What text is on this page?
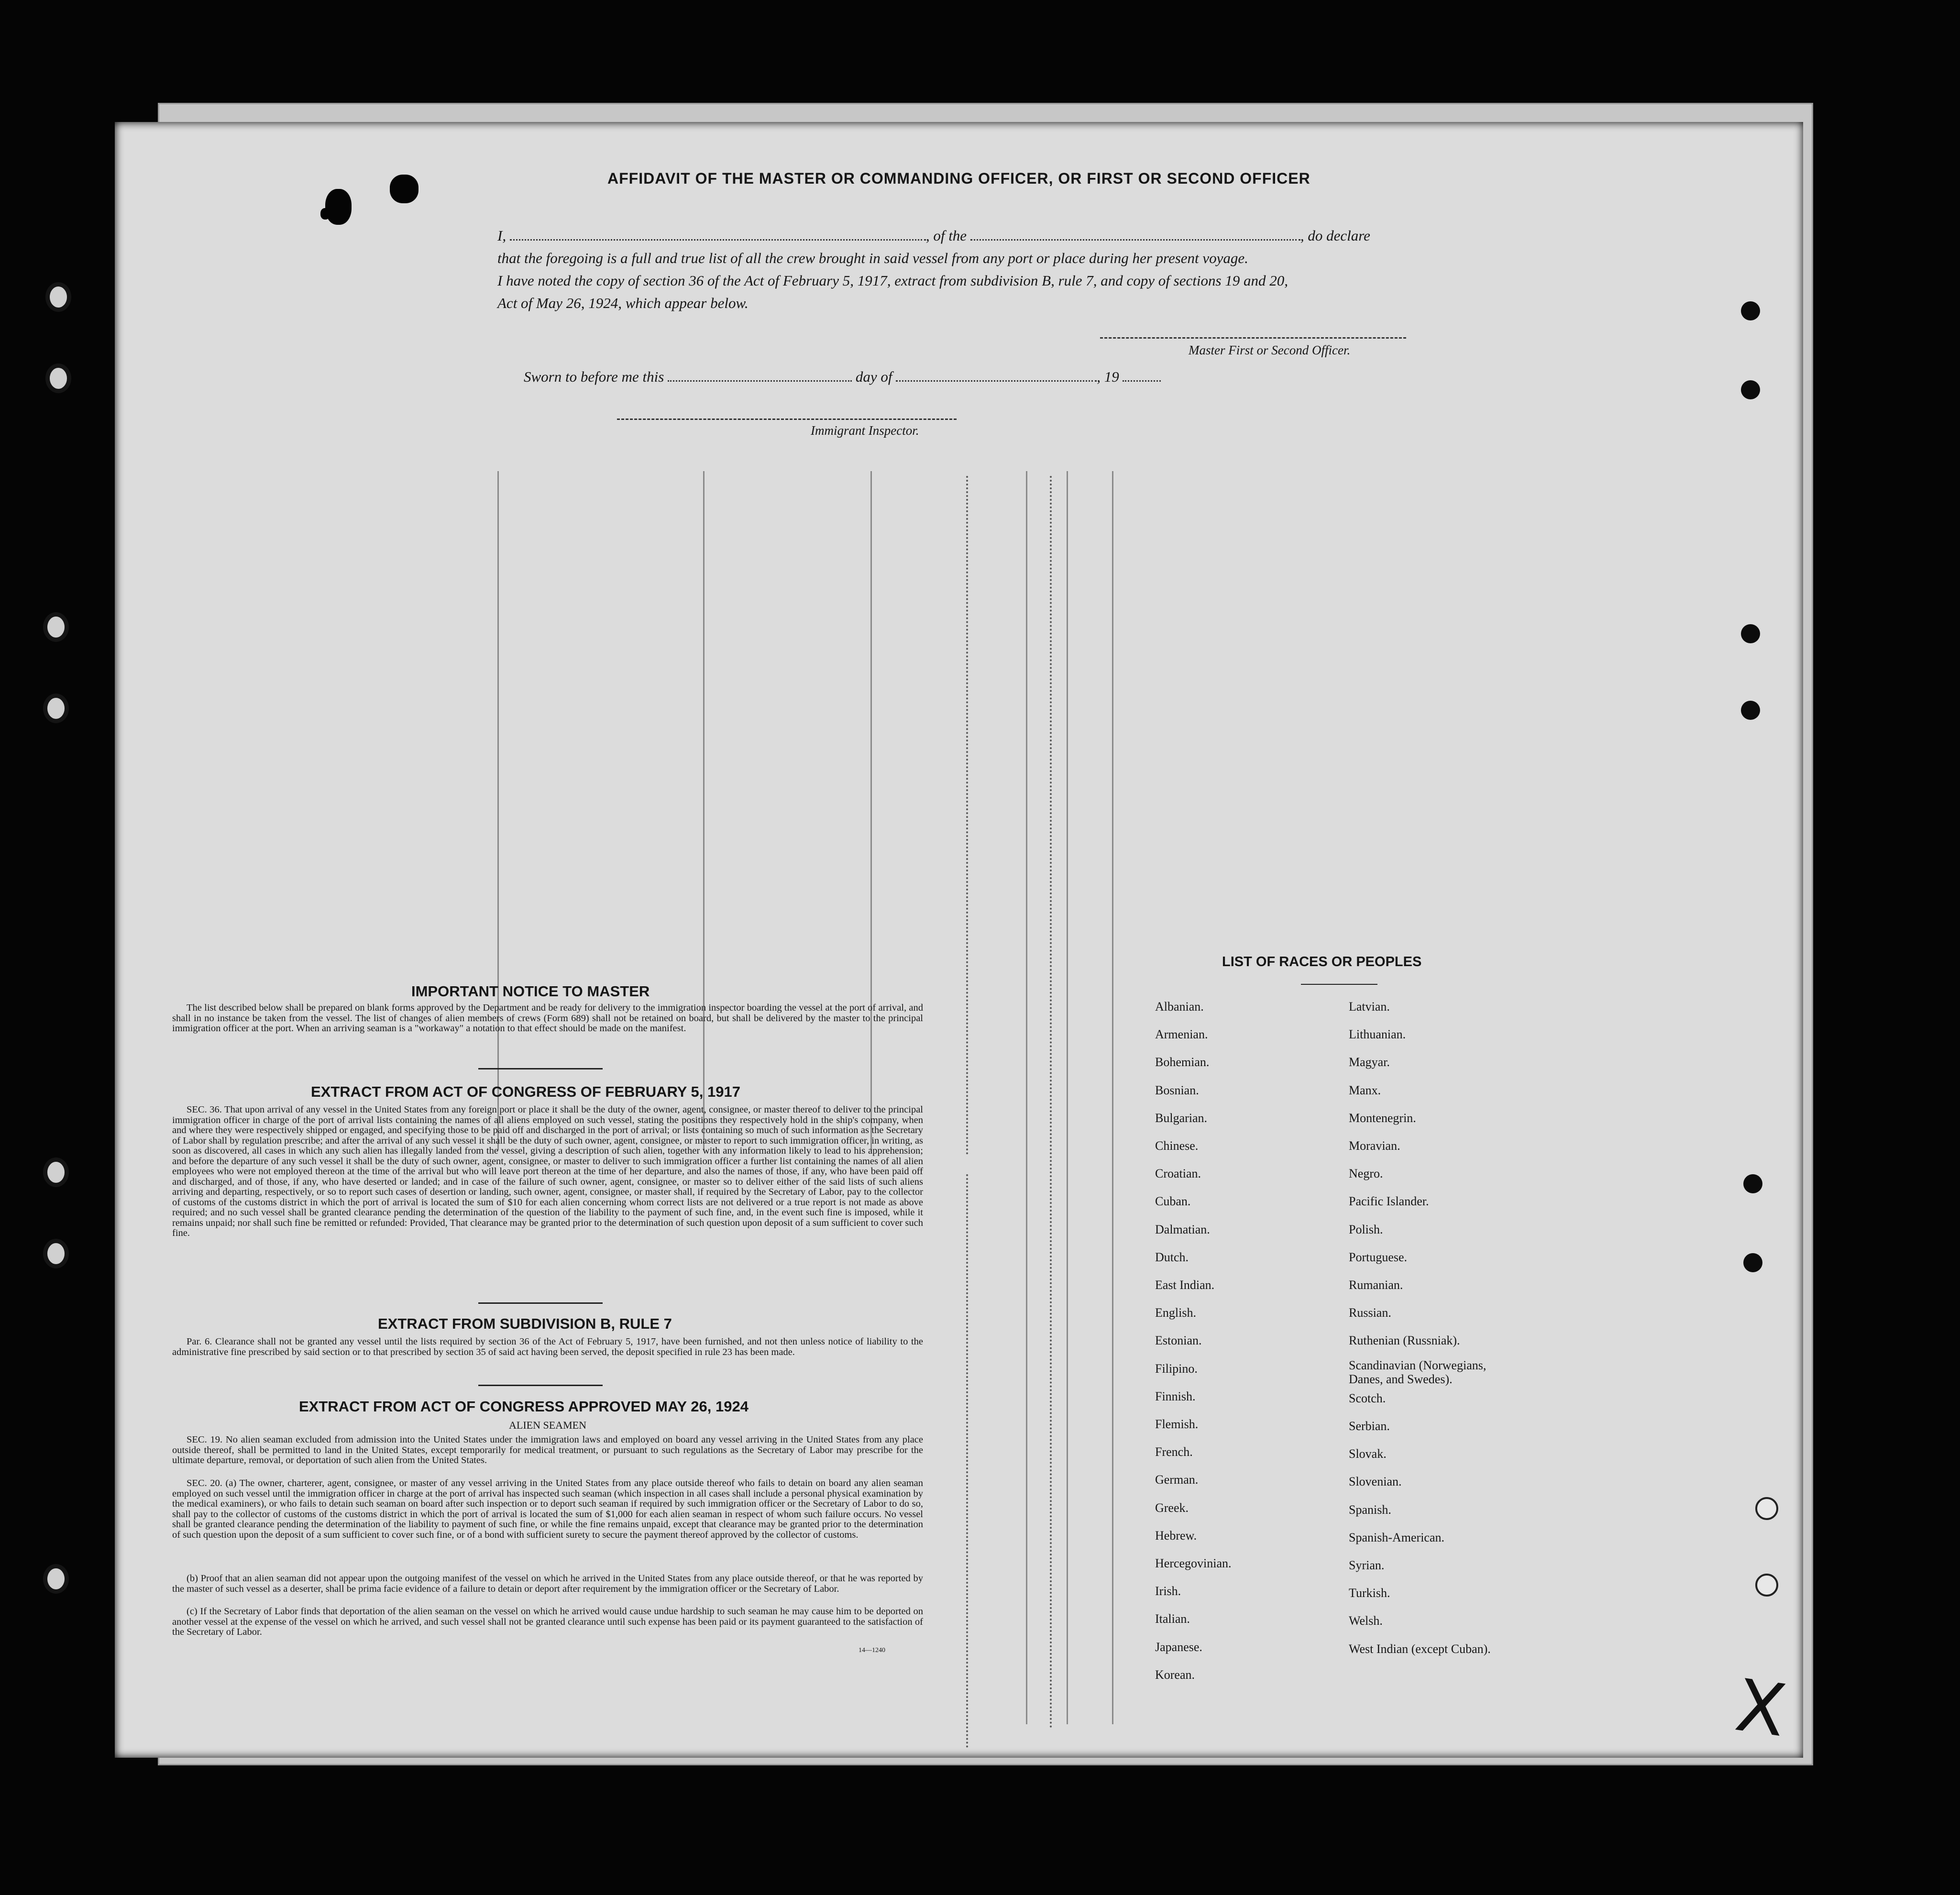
AFFIDAVIT OF THE MASTER OR COMMANDING OFFICER, OR FIRST OR SECOND OFFICER
I,	, of the	, do declare
that the foregoing is a full and true list of all the crew brought in said vessel from any port or place during her present voyage.
I have noted the copy of section 36 of the Act of February 5, 1917, extract from subdivision B, rule 7, and copy of sections 19 and 20,
Act of May 26, 1924, which appear below.
Master First or Second Officer.
Sworn to before me this	day of	, 19
Immigrant Inspector.
IMPORTANT NOTICE TO MASTER

The list described below shall be prepared on blank forms approved by the Department and be ready for delivery to the immigration inspector boarding the vessel at the port of arrival, and shall in no instance be taken from the vessel. The list of changes of alien members of crews (Form 689) shall not be retained on board, but shall be delivered by the master to the principal immigration officer at the port. When an arriving seaman is a "workaway" a notation to that effect should be made on the manifest.

EXTRACT FROM ACT OF CONGRESS OF FEBRUARY 5, 1917

SEC. 36. That upon arrival of any vessel in the United States from any foreign port or place it shall be the duty of the owner, agent, consignee, or master thereof to deliver to the principal immigration officer in charge of the port of arrival lists containing the names of all aliens employed on such vessel, stating the positions they respectively hold in the ship's company, when and where they were respectively shipped or engaged, and specifying those to be paid off and discharged in the port of arrival; or lists containing so much of such information as the Secretary of Labor shall by regulation prescribe; and after the arrival of any such vessel it shall be the duty of such owner, agent, consignee, or master to report to such immigration officer, in writing, as soon as discovered, all cases in which any such alien has illegally landed from the vessel, giving a description of such alien, together with any information likely to lead to his apprehension; and before the departure of any such vessel it shall be the duty of such owner, agent, consignee, or master to deliver to such immigration officer a further list containing the names of all alien employees who were not employed thereon at the time of the arrival but who will leave port thereon at the time of her departure, and also the names of those, if any, who have been paid off and discharged, and of those, if any, who have deserted or landed; and in case of the failure of such owner, agent, consignee, or master so to deliver either of the said lists of such aliens arriving and departing, respectively, or so to report such cases of desertion or landing, such owner, agent, consignee, or master shall, if required by the Secretary of Labor, pay to the collector of customs of the customs district in which the port of arrival is located the sum of $10 for each alien concerning whom correct lists are not delivered or a true report is not made as above required; and no such vessel shall be granted clearance pending the determination of the question of the liability to the payment of such fine, and, in the event such fine is imposed, while it remains unpaid; nor shall such fine be remitted or refunded: Provided, That clearance may be granted prior to the determination of such question upon deposit of a sum sufficient to cover such fine.

EXTRACT FROM SUBDIVISION B, RULE 7

Par. 6. Clearance shall not be granted any vessel until the lists required by section 36 of the Act of February 5, 1917, have been furnished, and not then unless notice of liability to the administrative fine prescribed by said section or to that prescribed by section 35 of said act having been served, the deposit specified in rule 23 has been made.

EXTRACT FROM ACT OF CONGRESS APPROVED MAY 26, 1924
ALIEN SEAMEN

SEC. 19. No alien seaman excluded from admission into the United States under the immigration laws and employed on board any vessel arriving in the United States from any place outside thereof, shall be permitted to land in the United States, except temporarily for medical treatment, or pursuant to such regulations as the Secretary of Labor may prescribe for the ultimate departure, removal, or deportation of such alien from the United States.

SEC. 20. (a) The owner, charterer, agent, consignee, or master of any vessel arriving in the United States from any place outside thereof who fails to detain on board any alien seaman employed on such vessel until the immigration officer in charge at the port of arrival has inspected such seaman (which inspection in all cases shall include a personal physical examination by the medical examiners), or who fails to detain such seaman on board after such inspection or to deport such seaman if required by such immigration officer or the Secretary of Labor to do so, shall pay to the collector of customs of the customs district in which the port of arrival is located the sum of $1,000 for each alien seaman in respect of whom such failure occurs. No vessel shall be granted clearance pending the determination of the liability to payment of such fine, or while the fine remains unpaid, except that clearance may be granted prior to the determination of such question upon the deposit of a sum sufficient to cover such fine, or of a bond with sufficient surety to secure the payment thereof approved by the collector of customs.

(b) Proof that an alien seaman did not appear upon the outgoing manifest of the vessel on which he arrived in the United States from any place outside thereof, or that he was reported by the master of such vessel as a deserter, shall be prima facie evidence of a failure to detain or deport after requirement by the immigration officer or the Secretary of Labor.

(c) If the Secretary of Labor finds that deportation of the alien seaman on the vessel on which he arrived would cause undue hardship to such seaman he may cause him to be deported on another vessel at the expense of the vessel on which he arrived, and such vessel shall not be granted clearance until such expense has been paid or its payment guaranteed to the satisfaction of the Secretary of Labor.

14—1240
LIST OF RACES OR PEOPLES
Albanian.
Armenian.
Bohemian.
Bosnian.
Bulgarian.
Chinese.
Croatian.
Cuban.
Dalmatian.
Dutch.
East Indian.
English.
Estonian.
Filipino.
Finnish.
Flemish.
French.
German.
Greek.
Hebrew.
Hercegovinian.
Irish.
Italian.
Japanese.
Korean.
Latvian.
Lithuanian.
Magyar.
Manx.
Montenegrin.
Moravian.
Negro.
Pacific Islander.
Polish.
Portuguese.
Rumanian.
Russian.
Ruthenian (Russniak).
Scandinavian (Norwegians,
Danes, and Swedes).
Scotch.
Serbian.
Slovak.
Slovenian.
Spanish.
Spanish-American.
Syrian.
Turkish.
Welsh.
West Indian (except Cuban).
X
